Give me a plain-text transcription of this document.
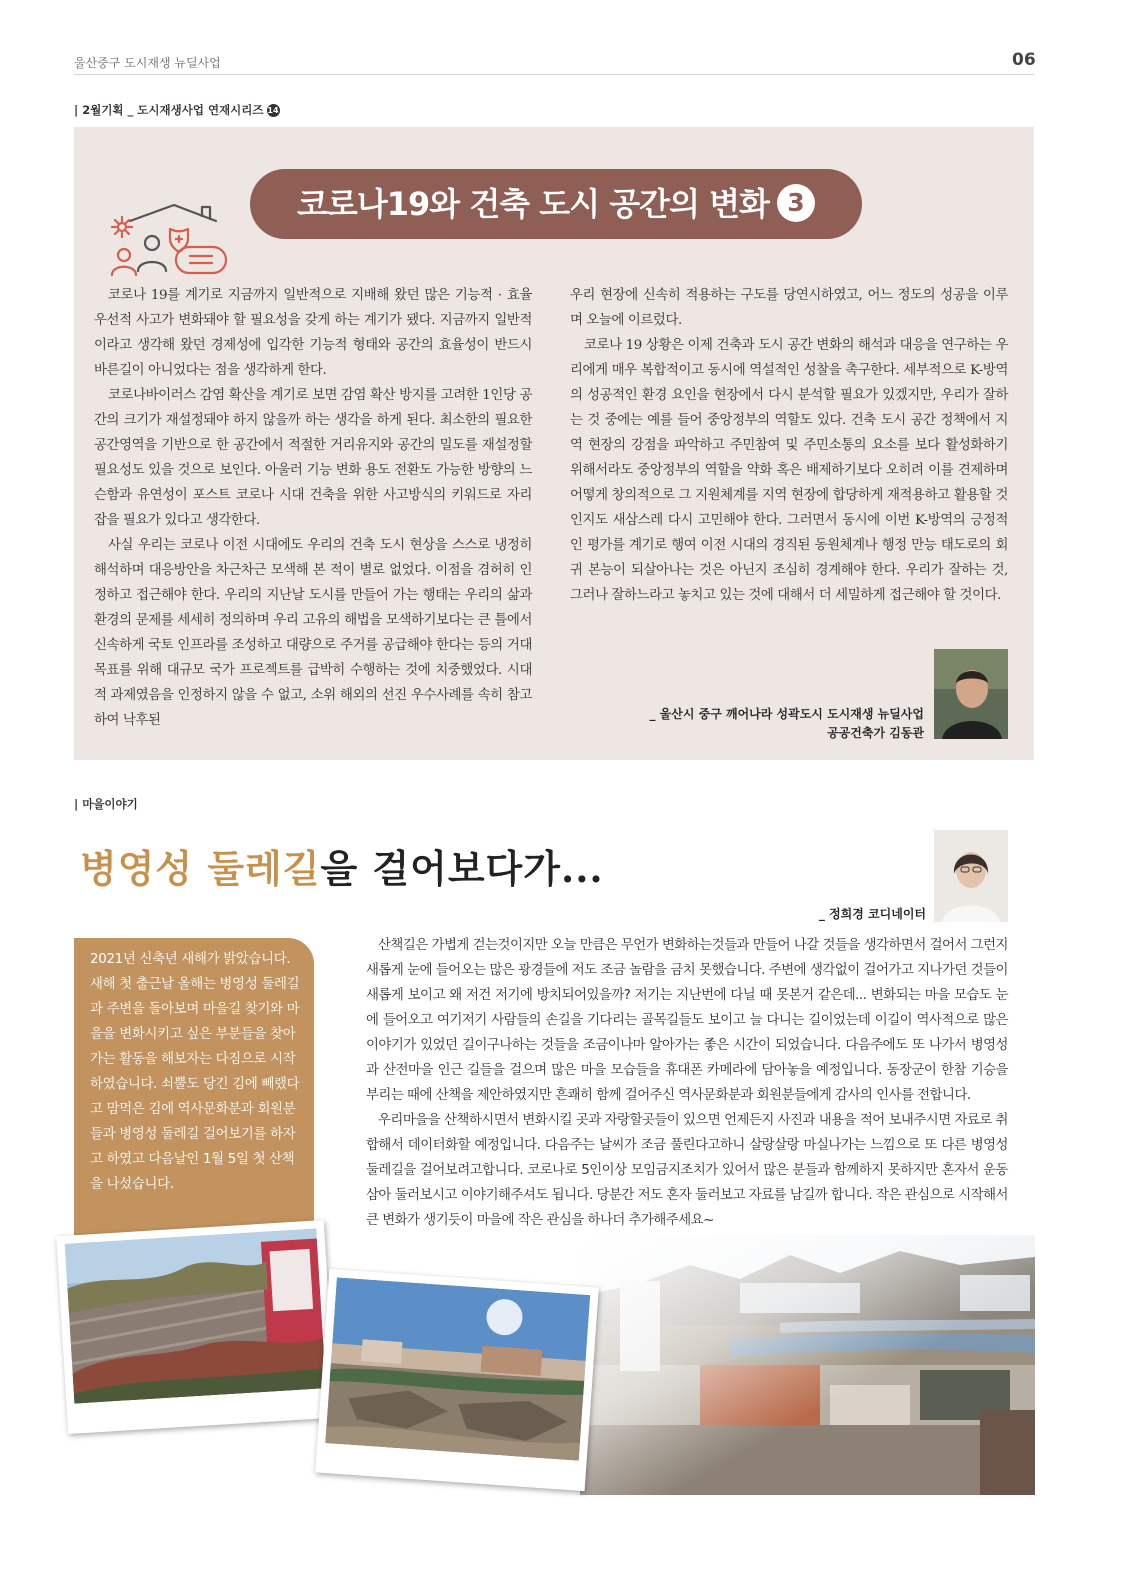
울산중구 도시재생 뉴딜사업	06
| 2월기획 _ 도시재생사업 연재시리즈 14
코로나19와 건축 도시 공간의 변화 3

코로나 19를 계기로 지금까지 일반적으로 지배해 왔던 많은 기능적 · 효율 우선적 사고가 변화돼야 할 필요성을 갖게 하는 계기가 됐다. 지금까지 일반적이라고 생각해 왔던 경제성에 입각한 기능적 형태와 공간의 효율성이 반드시 바른길이 아니었다는 점을 생각하게 한다.

코로나바이러스 감염 확산을 계기로 보면 감염 확산 방지를 고려한 1인당 공간의 크기가 재설정돼야 하지 않을까 하는 생각을 하게 된다. 최소한의 필요한 공간영역을 기반으로 한 공간에서 적절한 거리유지와 공간의 밀도를 재설정할 필요성도 있을 것으로 보인다. 아울러 기능 변화 용도 전환도 가능한 방향의 느슨함과 유연성이 포스트 코로나 시대 건축을 위한 사고방식의 키워드로 자리 잡을 필요가 있다고 생각한다.

사실 우리는 코로나 이전 시대에도 우리의 건축 도시 현상을 스스로 냉정히 해석하며 대응방안을 차근차근 모색해 본 적이 별로 없었다. 이점을 겸허히 인정하고 접근해야 한다. 우리의 지난날 도시를 만들어 가는 행태는 우리의 삶과 환경의 문제를 세세히 정의하며 우리 고유의 해법을 모색하기보다는 큰 틀에서 신속하게 국토 인프라를 조성하고 대량으로 주거를 공급해야 한다는 등의 거대 목표를 위해 대규모 국가 프로젝트를 급박히 수행하는 것에 치중했었다. 시대적 과제였음을 인정하지 않을 수 없고, 소위 해외의 선진 우수사례를 속히 참고하여 낙후된

우리 현장에 신속히 적용하는 구도를 당연시하였고, 어느 정도의 성공을 이루며 오늘에 이르렀다.

코로나 19 상황은 이제 건축과 도시 공간 변화의 해석과 대응을 연구하는 우리에게 매우 복합적이고 동시에 역설적인 성찰을 촉구한다. 세부적으로 K-방역의 성공적인 환경 요인을 현장에서 다시 분석할 필요가 있겠지만, 우리가 잘하는 것 중에는 예를 들어 중앙정부의 역할도 있다. 건축 도시 공간 정책에서 지역 현장의 강점을 파악하고 주민참여 및 주민소통의 요소를 보다 활성화하기 위해서라도 중앙정부의 역할을 약화 혹은 배제하기보다 오히려 이를 견제하며 어떻게 창의적으로 그 지원체계를 지역 현장에 합당하게 재적용하고 활용할 것인지도 새삼스레 다시 고민해야 한다. 그러면서 동시에 이번 K-방역의 긍정적인 평가를 계기로 행여 이전 시대의 경직된 동원체계나 행정 만능 태도로의 회귀 본능이 되살아나는 것은 아닌지 조심히 경계해야 한다. 우리가 잘하는 것, 그러나 잘하느라고 놓치고 있는 것에 대해서 더 세밀하게 접근해야 할 것이다.

_ 울산시 중구 깨어나라 성곽도시 도시재생 뉴딜사업
공공건축가 김동관
| 마을이야기
병영성 둘레길을 걸어보다가...
_ 정희경 코디네이터
2021년 신축년 새해가 밝았습니다. 새해 첫 출근날 올해는 병영성 둘레길과 주변을 돌아보며 마을길 찾기와 마을을 변화시키고 싶은 부분들을 찾아가는 활동을 해보자는 다짐으로 시작하였습니다. 쇠뿔도 당긴 김에 빼랬다고 맘먹은 김에 역사문화분과 회원분들과 병영성 둘레길 걸어보기를 하자고 하였고 다음날인 1월 5일 첫 산책을 나섰습니다.

산책길은 가볍게 걷는것이지만 오늘 만큼은 무언가 변화하는것들과 만들어 나갈 것들을 생각하면서 걸어서 그런지 새롭게 눈에 들어오는 많은 광경들에 저도 조금 놀람을 금치 못했습니다. 주변에 생각없이 걸어가고 지나가던 것들이 새롭게 보이고 왜 저건 저기에 방치되어있을까? 저기는 지난번에 다닐 때 못본거 같은데... 변화되는 마을 모습도 눈에 들어오고 여기저기 사람들의 손길을 기다리는 골목길들도 보이고 늘 다니는 길이었는데 이길이 역사적으로 많은 이야기가 있었던 길이구나하는 것들을 조금이나마 알아가는 좋은 시간이 되었습니다. 다음주에도 또 나가서 병영성과 산전마을 인근 길들을 걸으며 많은 마을 모습들을 휴대폰 카메라에 담아놓을 예정입니다. 동장군이 한참 기승을 부리는 때에 산책을 제안하였지만 흔쾌히 함께 걸어주신 역사문화분과 회원분들에게 감사의 인사를 전합니다.

우리마을을 산책하시면서 변화시킬 곳과 자랑할곳들이 있으면 언제든지 사진과 내용을 적어 보내주시면 자료로 취합해서 데이터화할 예정입니다. 다음주는 날씨가 조금 풀린다고하니 살랑살랑 마실나가는 느낌으로 또 다른 병영성 둘레길을 걸어보려고합니다. 코로나로 5인이상 모임금지조치가 있어서 많은 분들과 함께하지 못하지만 혼자서 운동삼아 둘러보시고 이야기해주셔도 됩니다. 당분간 저도 혼자 둘러보고 자료를 남길까 합니다. 작은 관심으로 시작해서 큰 변화가 생기듯이 마을에 작은 관심을 하나더 추가해주세요~
